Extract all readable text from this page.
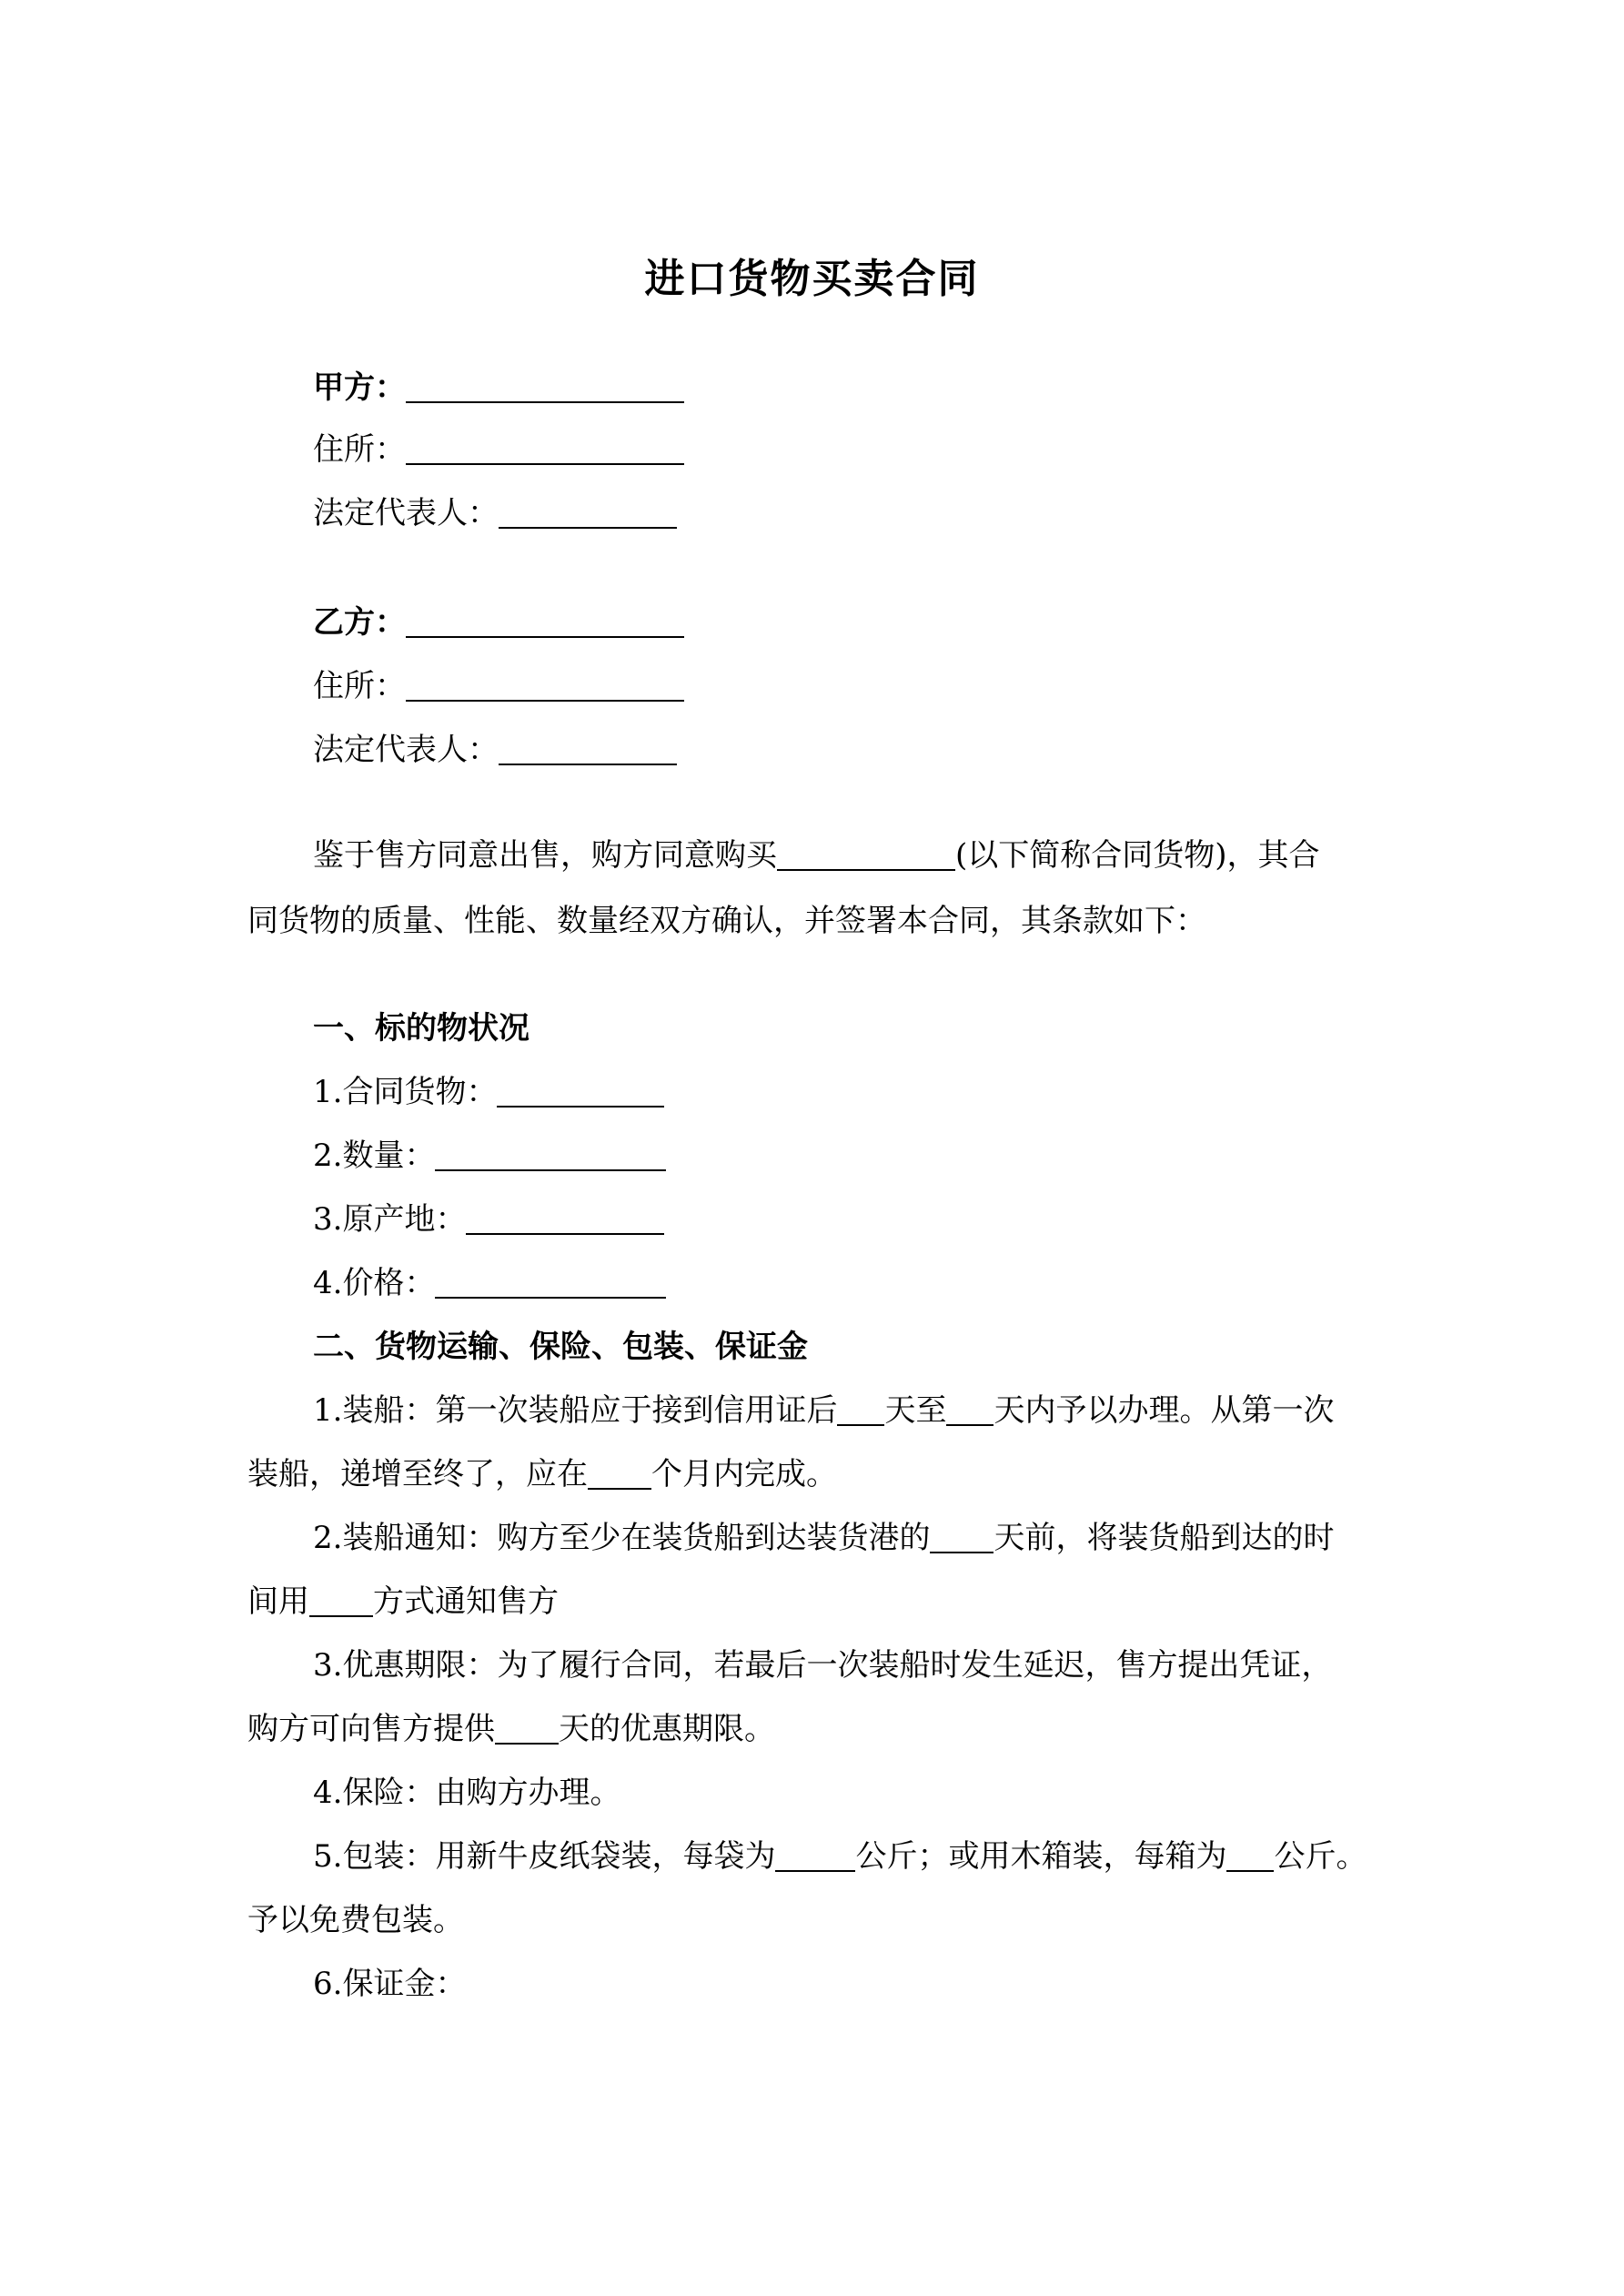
进口货物买卖合同
甲方：
住所：
法定代表人：
乙方：
住所：
法定代表人：
鉴于售方同意出售，购方同意购买	(以下简称合同货物)，其合
同货物的质量、性能、数量经双方确认，并签署本合同，其条款如下：
一、标的物状况
1.合同货物：
2.数量：
3.原产地：
4.价格：
二、货物运输、保险、包装、保证金
1.装船：第一次装船应于接到信用证后 天至 天内予以办理。从第一次
装船，递增至终了，应在 个月内完成。
2.装船通知：购方至少在装货船到达装货港的 天前，将装货船到达的时
间用 方式通知售方
3.优惠期限：为了履行合同，若最后一次装船时发生延迟，售方提出凭证，
购方可向售方提供 天的优惠期限。
4.保险：由购方办理。
5.包装：用新牛皮纸袋装，每袋为	公斤；或用木箱装，每箱为 公斤。
予以免费包装。
6.保证金：
